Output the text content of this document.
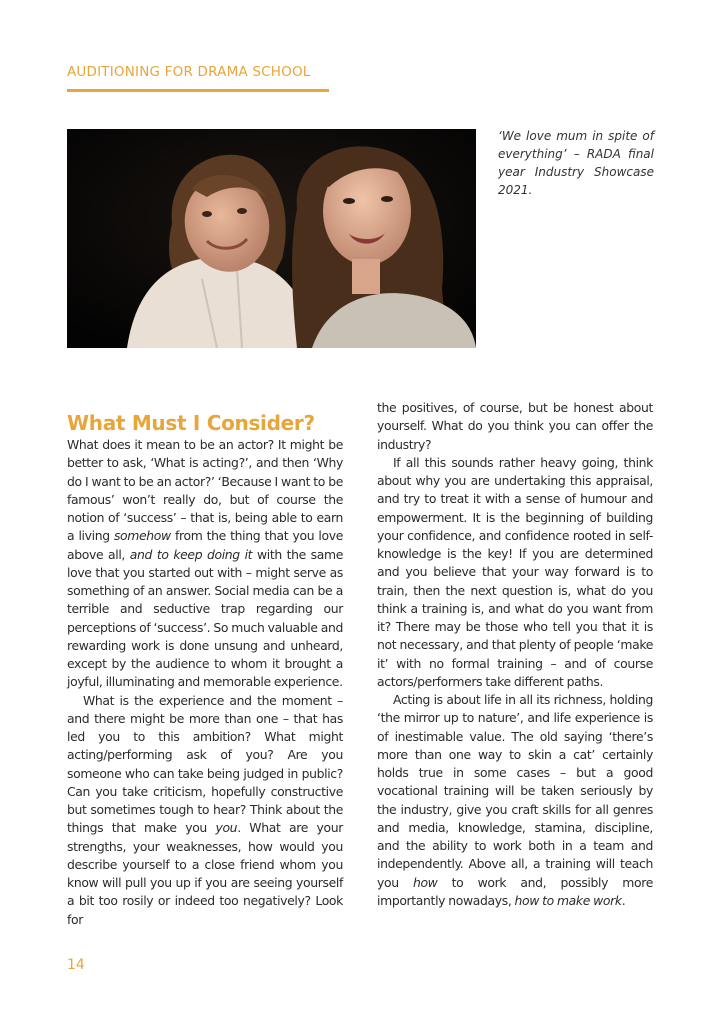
AUDITIONING FOR DRAMA SCHOOL
‘We love mum in spite of everything’ – RADA final year Industry Showcase 2021.
What Must I Consider?

What does it mean to be an actor? It might be better to ask, ‘What is acting?’, and then ‘Why do I want to be an actor?’ ‘Because I want to be famous’ won’t really do, but of course the notion of ‘success’ – that is, being able to earn a living somehow from the thing that you love above all, and to keep doing it with the same love that you started out with – might serve as something of an answer. Social media can be a terrible and seductive trap regarding our perceptions of ‘success’. So much valuable and rewarding work is done unsung and unheard, except by the audience to whom it brought a joyful, illuminating and memorable experience.

What is the experience and the moment – and there might be more than one – that has led you to this ambition? What might acting/performing ask of you? Are you someone who can take being judged in public? Can you take criticism, hopefully constructive but sometimes tough to hear? Think about the things that make you you. What are your strengths, your weaknesses, how would you describe yourself to a close friend whom you know will pull you up if you are seeing yourself a bit too rosily or indeed too negatively? Look for

the positives, of course, but be honest about yourself. What do you think you can offer the industry?

If all this sounds rather heavy going, think about why you are undertaking this appraisal, and try to treat it with a sense of humour and empowerment. It is the beginning of building your confidence, and confidence rooted in self-knowledge is the key! If you are determined and you believe that your way forward is to train, then the next question is, what do you think a training is, and what do you want from it? There may be those who tell you that it is not necessary, and that plenty of people ‘make it’ with no formal training – and of course actors/performers take different paths.

Acting is about life in all its richness, holding ‘the mirror up to nature’, and life experience is of inestimable value. The old saying ‘there’s more than one way to skin a cat’ certainly holds true in some cases – but a good vocational training will be taken seriously by the industry, give you craft skills for all genres and media, knowledge, stamina, discipline, and the ability to work both in a team and independently. Above all, a training will teach you how to work and, possibly more importantly nowadays, how to make work.

14
